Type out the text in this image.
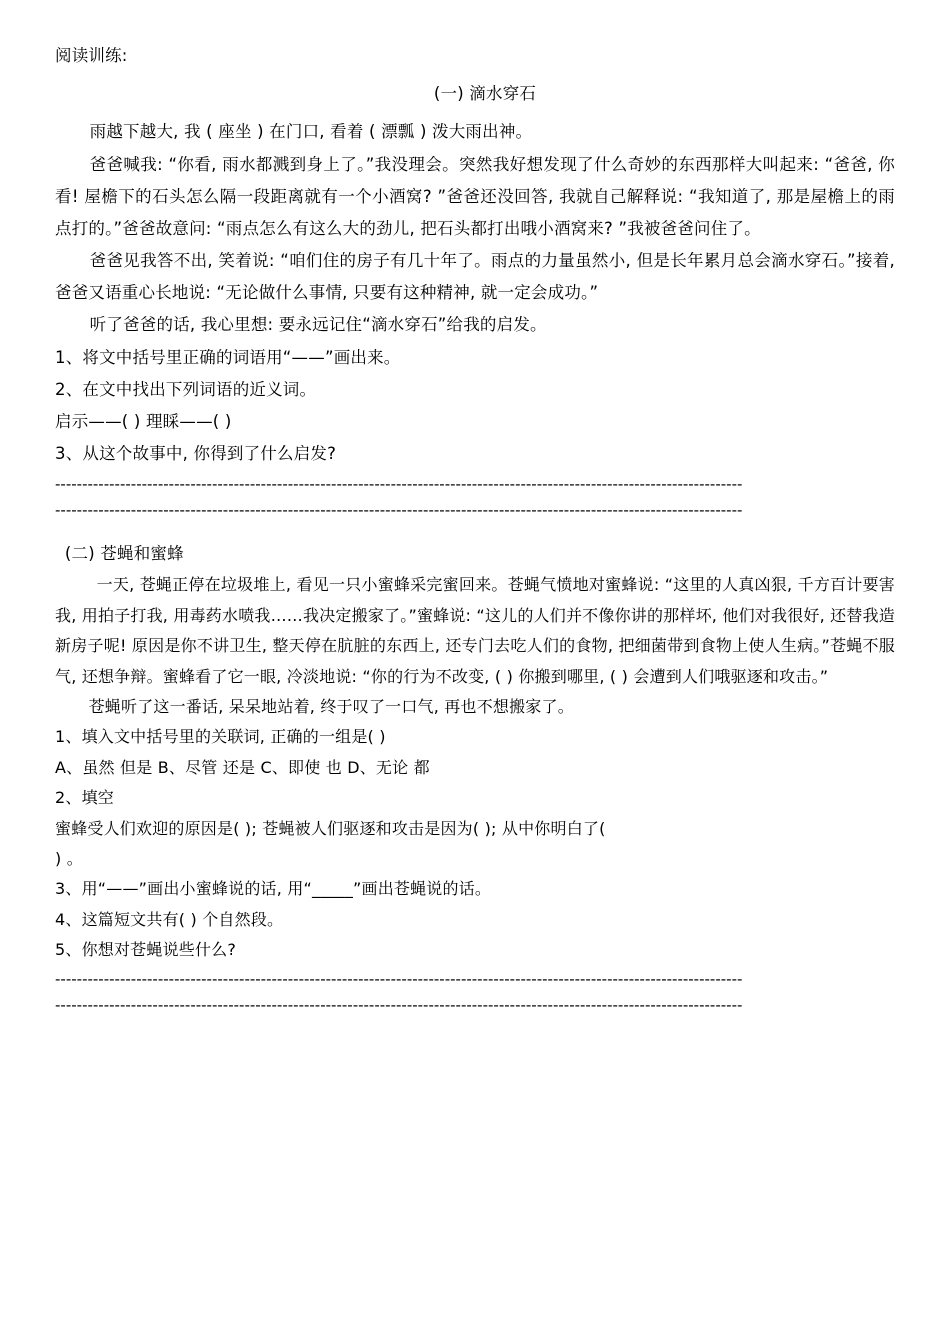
阅读训练:

(一) 滴水穿石

雨越下越大, 我 ( 座坐 ) 在门口, 看着 ( 漂瓢 ) 泼大雨出神。

爸爸喊我: “你看, 雨水都溅到身上了。”我没理会。突然我好想发现了什么奇妙的东西那样大叫起来: “爸爸, 你看! 屋檐下的石头怎么隔一段距离就有一个小酒窝? ”爸爸还没回答, 我就自己解释说: “我知道了, 那是屋檐上的雨点打的。”爸爸故意问: “雨点怎么有这么大的劲儿, 把石头都打出哦小酒窝来? ”我被爸爸问住了。

爸爸见我答不出, 笑着说: “咱们住的房子有几十年了。雨点的力量虽然小, 但是长年累月总会滴水穿石。”接着, 爸爸又语重心长地说: “无论做什么事情, 只要有这种精神, 就一定会成功。”

听了爸爸的话, 我心里想: 要永远记住“滴水穿石”给我的启发。

1、将文中括号里正确的词语用“——”画出来。

2、在文中找出下列词语的近义词。

启示——( ) 理睬——( )

3、从这个故事中, 你得到了什么启发?

-------------------------------------------------------------------------------------------------------------------------------
-------------------------------------------------------------------------------------------------------------------------------

(二) 苍蝇和蜜蜂

一天, 苍蝇正停在垃圾堆上, 看见一只小蜜蜂采完蜜回来。苍蝇气愤地对蜜蜂说: “这里的人真凶狠, 千方百计要害我, 用拍子打我, 用毒药水喷我……我决定搬家了。”蜜蜂说: “这儿的人们并不像你讲的那样坏, 他们对我很好, 还替我造新房子呢! 原因是你不讲卫生, 整天停在肮脏的东西上, 还专门去吃人们的食物, 把细菌带到食物上使人生病。”苍蝇不服气, 还想争辩。蜜蜂看了它一眼, 冷淡地说: “你的行为不改变, ( ) 你搬到哪里, ( ) 会遭到人们哦驱逐和攻击。”

苍蝇听了这一番话, 呆呆地站着, 终于叹了一口气, 再也不想搬家了。

1、填入文中括号里的关联词, 正确的一组是( )

A、虽然 但是 B、尽管 还是 C、即使 也 D、无论 都

2、填空

蜜蜂受人们欢迎的原因是( ); 苍蝇被人们驱逐和攻击是因为( ); 从中你明白了(

) 。

3、用“——”画出小蜜蜂说的话, 用“_____”画出苍蝇说的话。

4、这篇短文共有( ) 个自然段。

5、你想对苍蝇说些什么?

-------------------------------------------------------------------------------------------------------------------------------
-------------------------------------------------------------------------------------------------------------------------------
